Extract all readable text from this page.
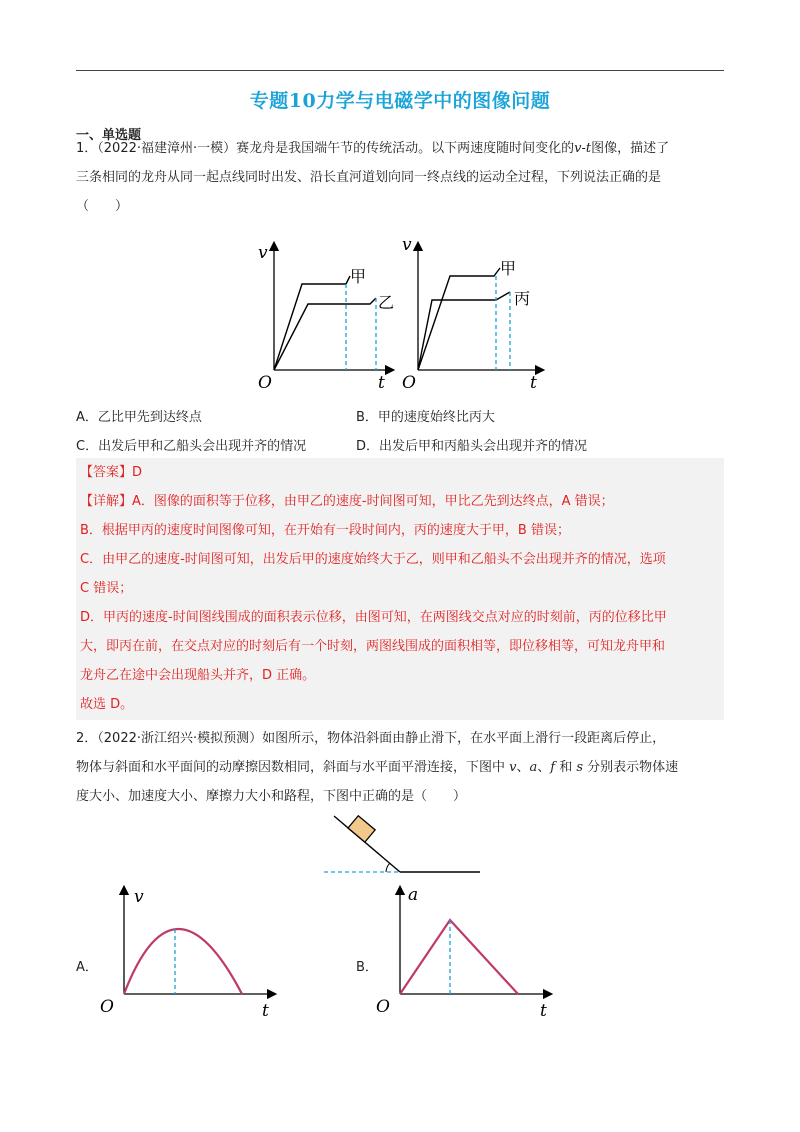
专题10力学与电磁学中的图像问题
一、单选题
1．（2022·福建漳州·一模）赛龙舟是我国端午节的传统活动。以下两速度随时间变化的v-t图像，描述了
三条相同的龙舟从同一起点线同时出发、沿长直河道划向同一终点线的运动全过程，下列说法正确的是
（　　）
v
O	t
甲
乙
v
O	t
甲
丙
A．乙比甲先到达终点	B．甲的速度始终比丙大
C．出发后甲和乙船头会出现并齐的情况	D．出发后甲和丙船头会出现并齐的情况
【答案】D
【详解】A．图像的面积等于位移，由甲乙的速度-时间图可知，甲比乙先到达终点，A 错误；
B．根据甲丙的速度时间图像可知，在开始有一段时间内，丙的速度大于甲，B 错误；
C．由甲乙的速度-时间图可知，出发后甲的速度始终大于乙，则甲和乙船头不会出现并齐的情况，选项
C 错误；
D．甲丙的速度-时间图线围成的面积表示位移，由图可知，在两图线交点对应的时刻前，丙的位移比甲
大，即丙在前，在交点对应的时刻后有一个时刻，两图线围成的面积相等，即位移相等，可知龙舟甲和
龙舟乙在途中会出现船头并齐，D 正确。
故选 D。
2．（2022·浙江绍兴·模拟预测）如图所示，物体沿斜面由静止滑下，在水平面上滑行一段距离后停止，
物体与斜面和水平面间的动摩擦因数相同，斜面与水平面平滑连接，下图中 v、a、f 和 s 分别表示物体速
度大小、加速度大小、摩擦力大小和路程，下图中正确的是（　　）
A．
v
O	t
B．
a
O	t
